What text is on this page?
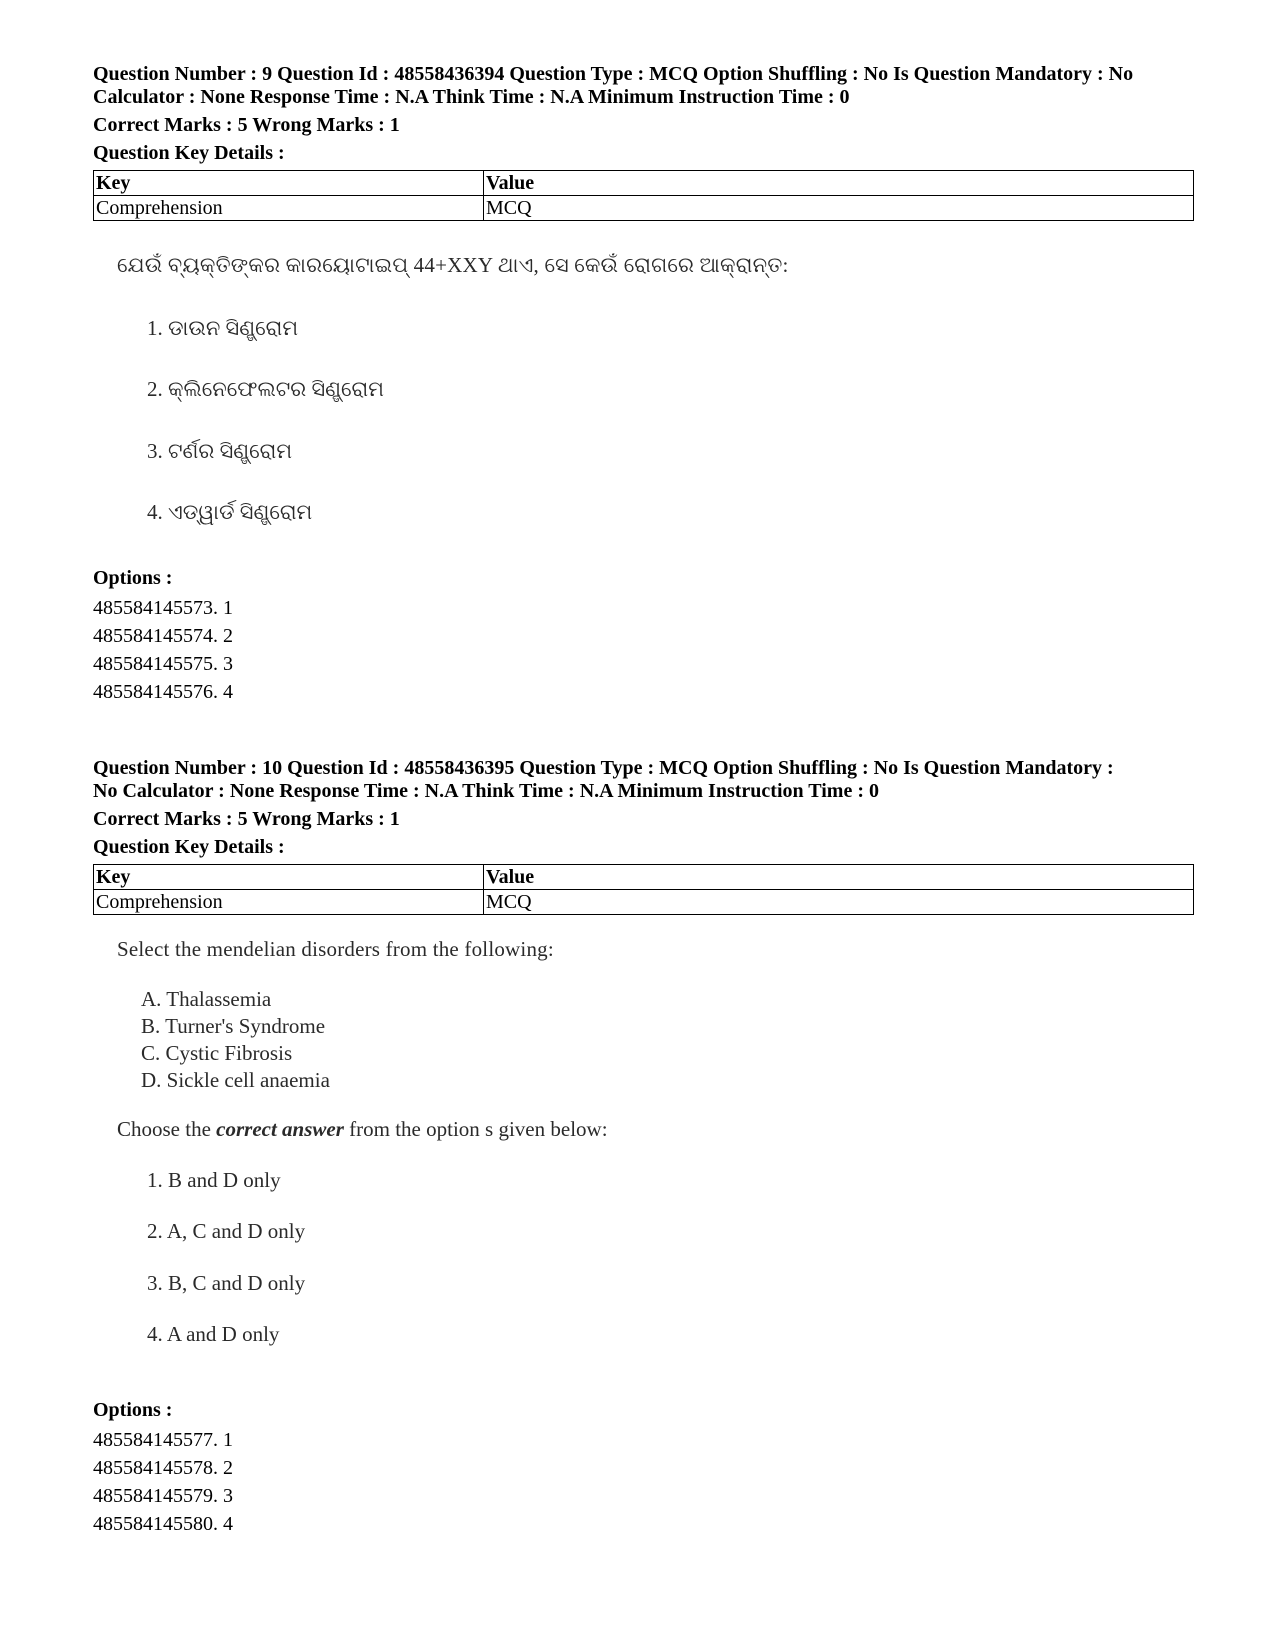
Question Number : 9 Question Id : 48558436394 Question Type : MCQ Option Shuffling : No Is Question Mandatory : No

Calculator : None Response Time : N.A Think Time : N.A Minimum Instruction Time : 0

Correct Marks : 5 Wrong Marks : 1
Question Key Details :
Key	Value
Comprehension	MCQ
ଯେଉଁ ବ୍ୟକ୍ତିଙ୍କର କାରୟୋଟାଇପ୍ 44+XXY ଥାଏ, ସେ କେଉଁ ରୋଗରେ ଆକ୍ରାନ୍ତ:
1. ଡାଉନ ସିଣ୍ଡ୍ରୋମ
2. କ୍ଲିନେଫେଲଟର ସିଣ୍ଡ୍ରୋମ
3. ଟର୍ଣର ସିଣ୍ଡ୍ରୋମ
4. ଏଡ୍‌ୱାର୍ଡ ସିଣ୍ଡ୍ରୋମ
Options :
485584145573. 1
485584145574. 2
485584145575. 3
485584145576. 4

Question Number : 10 Question Id : 48558436395 Question Type : MCQ Option Shuffling : No Is Question Mandatory :

No Calculator : None Response Time : N.A Think Time : N.A Minimum Instruction Time : 0

Correct Marks : 5 Wrong Marks : 1
Question Key Details :
Key	Value
Comprehension	MCQ
Select the mendelian disorders from the following:
A. Thalassemia
B. Turner's Syndrome
C. Cystic Fibrosis
D. Sickle cell anaemia
Choose the correct answer from the option s given below:
1. B and D only
2. A, C and D only
3. B, C and D only
4. A and D only
Options :
485584145577. 1
485584145578. 2
485584145579. 3
485584145580. 4
